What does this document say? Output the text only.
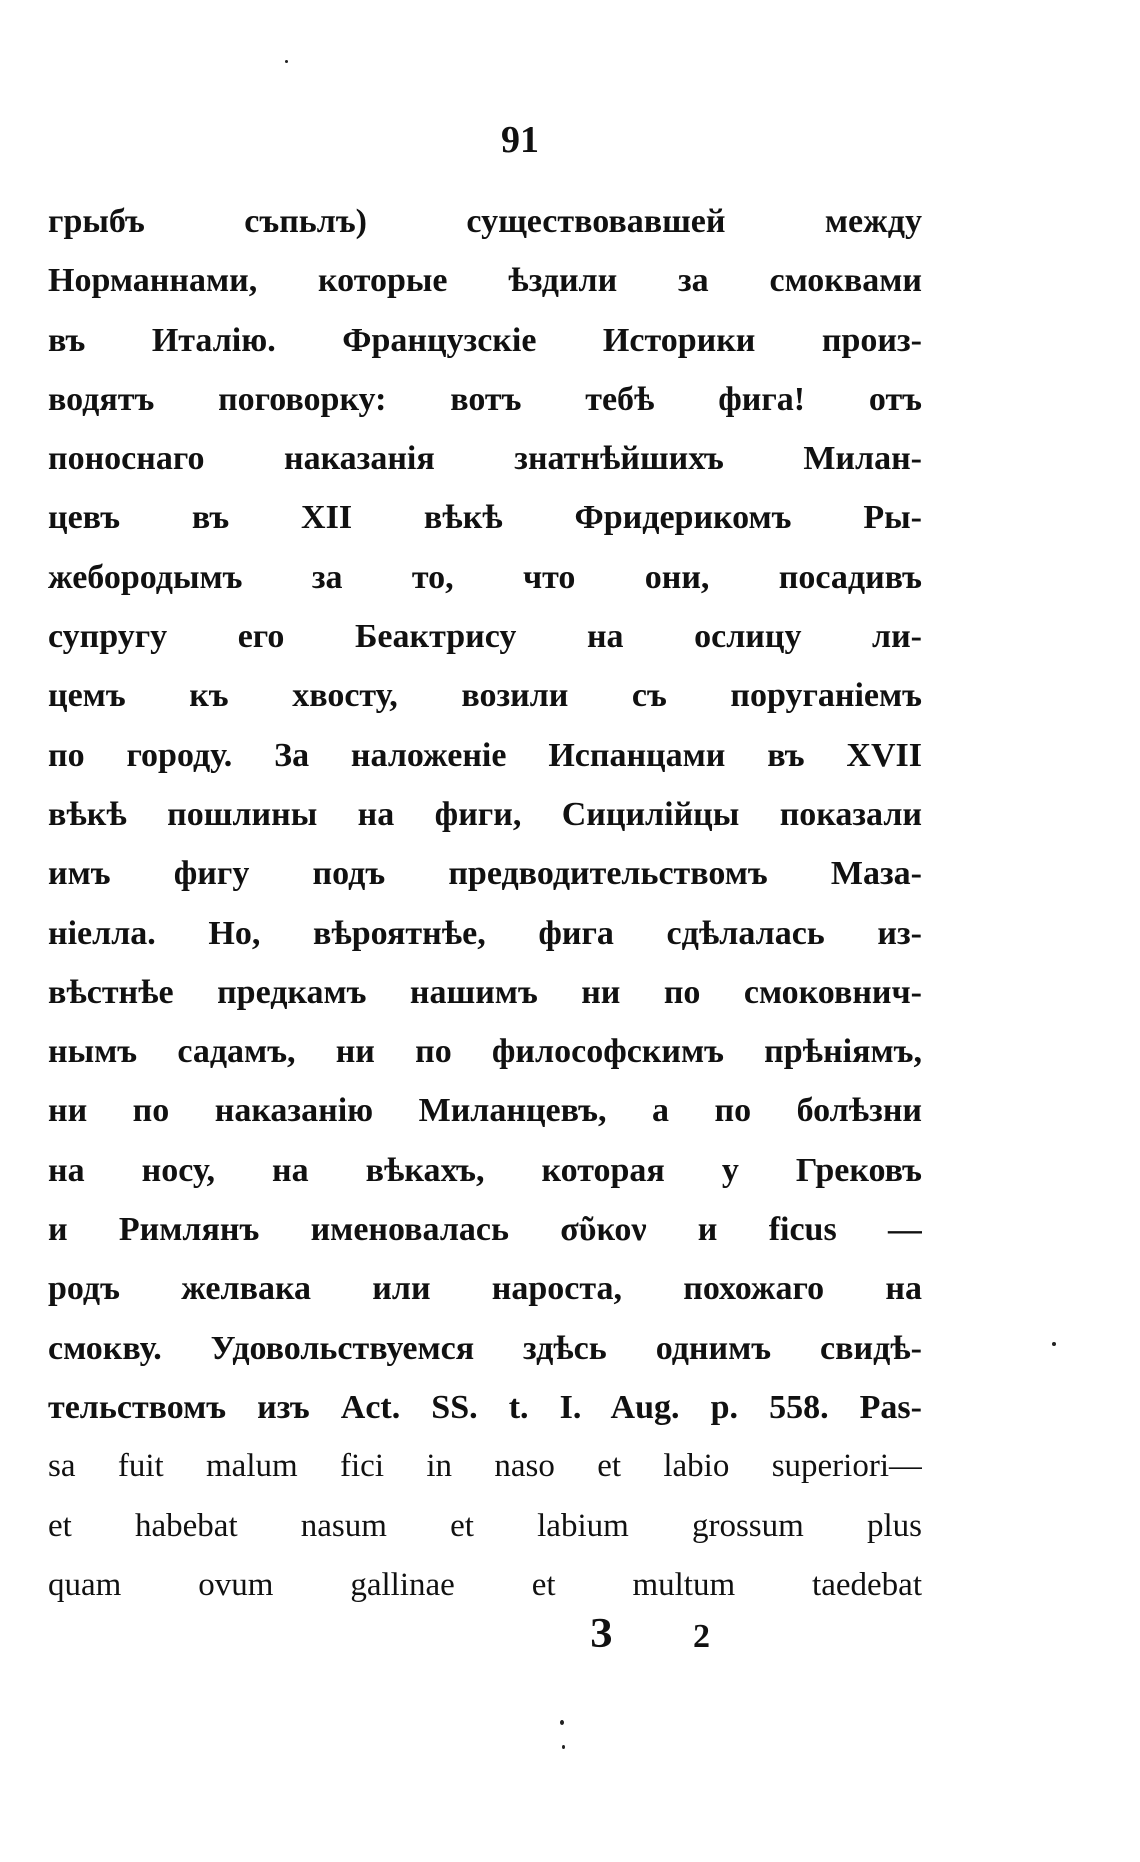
91
грыбъ съпьлъ) существовавшей между
Норманнами, которые ѣздили за смоквами
въ Италію. Французскіе Историки произ-
водятъ поговорку: вотъ тебѣ фига! отъ
поноснаго наказанія знатнѣйшихъ Милан-
цевъ въ XII вѣкѣ Фридерикомъ Ры-
жебородымъ за то, что они, посадивъ
супругу его Беактрису на ослицу ли-
цемъ къ хвосту, возили съ поруганіемъ
по городу. За наложеніе Испанцами въ XVII
вѣкѣ пошлины на фиги, Сицилійцы показали
имъ фигу подъ предводительствомъ Маза-
ніелла. Но, вѣроятнѣе, фига сдѣлалась из-
вѣстнѣе предкамъ нашимъ ни по смоковнич-
нымъ садамъ, ни по философскимъ прѣніямъ,
ни по наказанію Миланцевъ, а по болѣзни
на носу, на вѣкахъ, которая у Грековъ
и Римлянъ именовалась σῦκον и ficus —
родъ желвака или нароста, похожаго на
смокву. Удовольствуемся здѣсь однимъ свидѣ-
тельствомъ изъ Act. SS. t. I. Aug. p. 558. Pas-
sa fuit malum fici in naso et labio superiori—
et habebat nasum et labium grossum plus
quam ovum gallinae et multum taedebat
З 2
